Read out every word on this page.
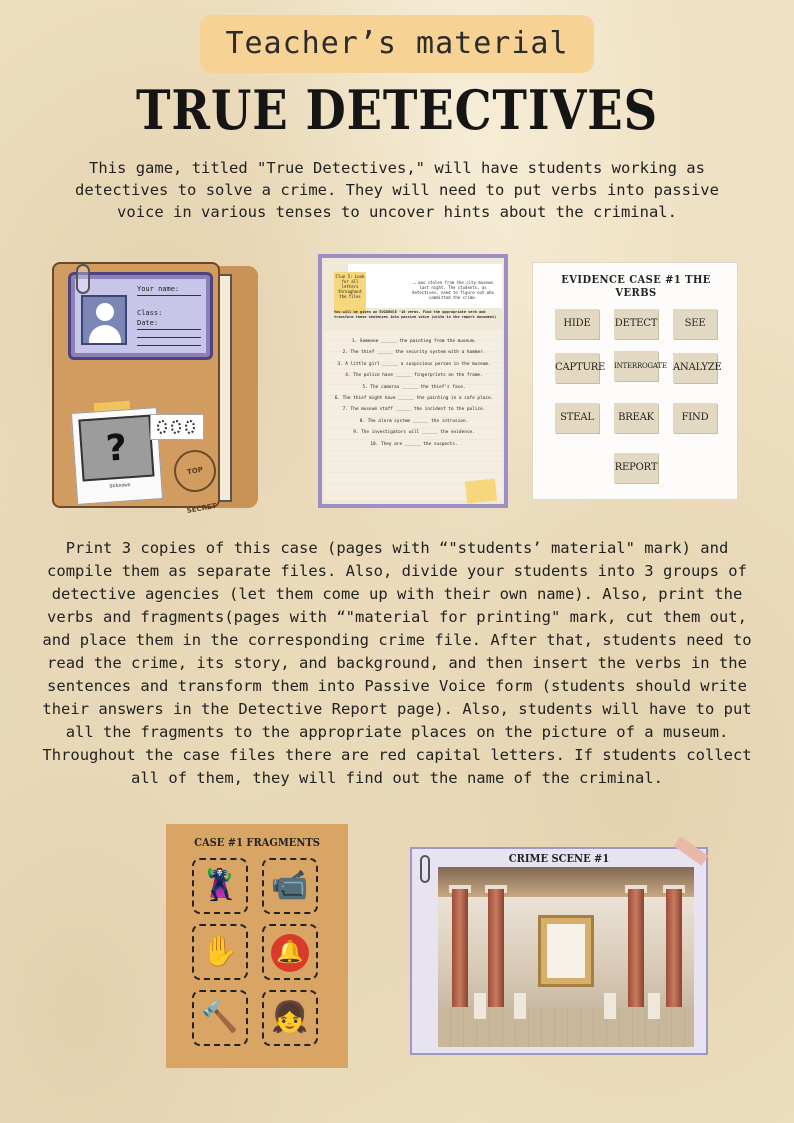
Teacher’s material
TRUE DETECTIVES

This game, titled "True Detectives," will have students working as detectives to solve a crime. They will need to put verbs into passive voice in various tenses to uncover hints about the criminal.

Your name:
Class:
Date:
?
Unknown
TOP SECRET
… was stolen from the city museum last night. The students, as detectives, need to figure out who committed the crime.
Clue 5: Look for all letters throughout the files
You will be given an EVIDENCE -10 verbs. Find the appropriate verb and transform these sentences into passive voice (write in the report document)
1. Someone ______ the painting from the museum.
2. The thief ______ the security system with a hammer.
3. A little girl ______ a suspicious person in the museum.
4. The police have ______ fingerprints on the frame.
5. The cameras ______ the thief's face.
6. The thief might have ______ the painting in a safe place.
7. The museum staff ______ the incident to the police.
8. The alarm system ______ the intrusion.
9. The investigators will ______ the evidence.
10. They are ______ the suspects.
EVIDENCE CASE #1 THE VERBS
HIDE	DETECT	SEE
CAPTURE INTERROGATE ANALYZE
STEAL	BREAK	FIND
REPORT

Print 3 copies of this case (pages with “"students’ material" mark) and compile them as separate files. Also, divide your students into 3 groups of detective agencies (let them come up with their own name). Also, print the verbs and fragments(pages with “"material for printing" mark, cut them out, and place them in the corresponding crime file. After that, students need to read the crime, its story, and background, and then insert the verbs in the sentences and transform them into Passive Voice form (students should write their answers in the Detective Report page). Also, students will have to put all the fragments to the appropriate places on the picture of a museum. Throughout the case files there are red capital letters. If students collect all of them, they will find out the name of the criminal.

CASE #1 FRAGMENTS
🦹	📹
✋	🔔
🔨	👧
CRIME SCENE #1
